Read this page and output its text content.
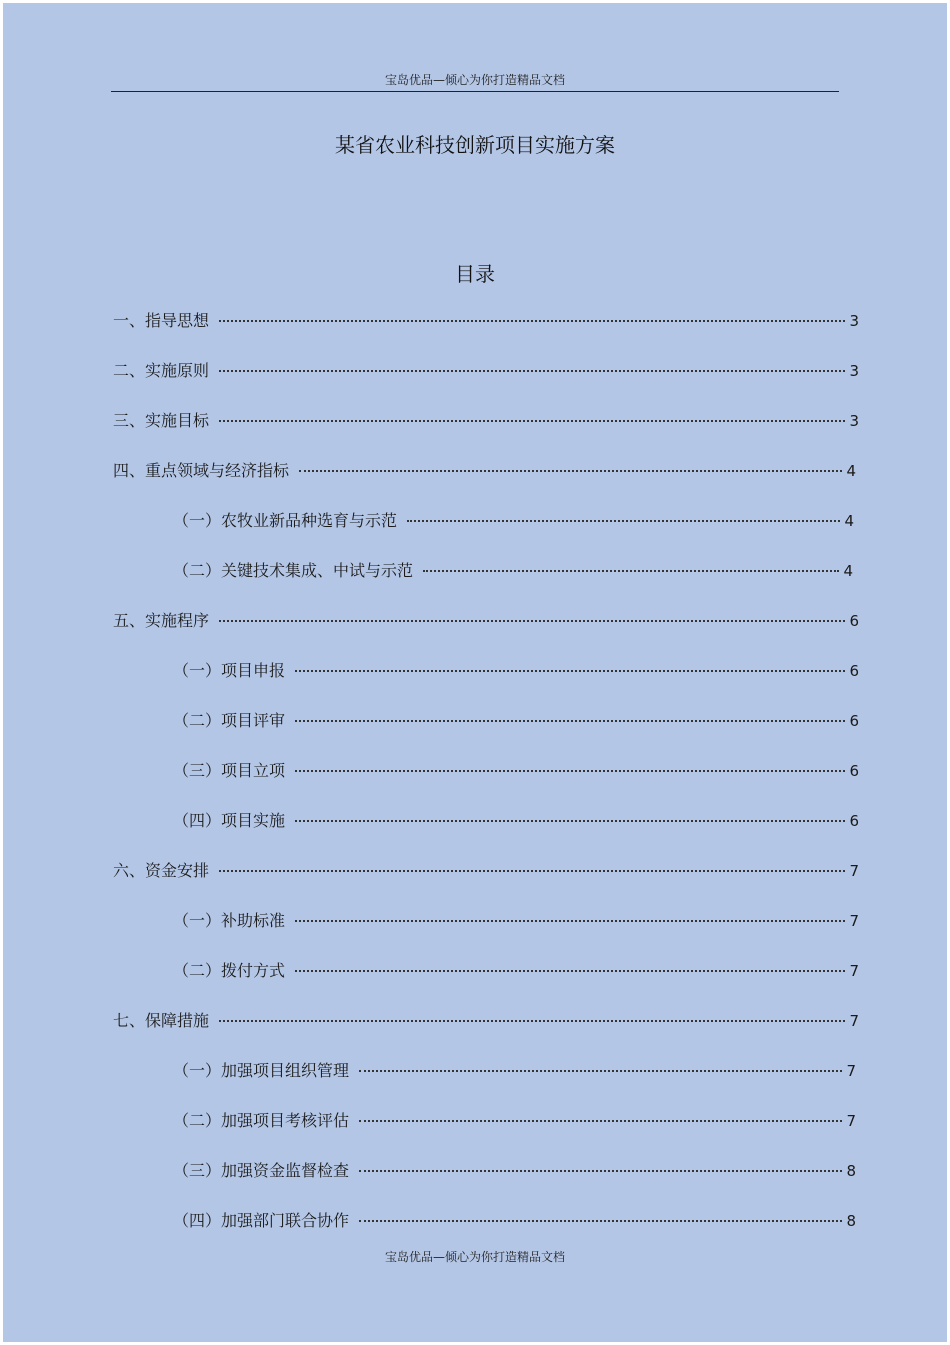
宝岛优品—倾心为你打造精品文档
某省农业科技创新项目实施方案
目录
一、指导思想	3
二、实施原则	3
三、实施目标	3
四、重点领域与经济指标	4
（一）农牧业新品种选育与示范	4
（二）关键技术集成、中试与示范	4
五、实施程序	6
（一）项目申报	6
（二）项目评审	6
（三）项目立项	6
（四）项目实施	6
六、资金安排	7
（一）补助标准	7
（二）拨付方式	7
七、保障措施	7
（一）加强项目组织管理	7
（二）加强项目考核评估	7
（三）加强资金监督检查	8
（四）加强部门联合协作	8
宝岛优品—倾心为你打造精品文档
